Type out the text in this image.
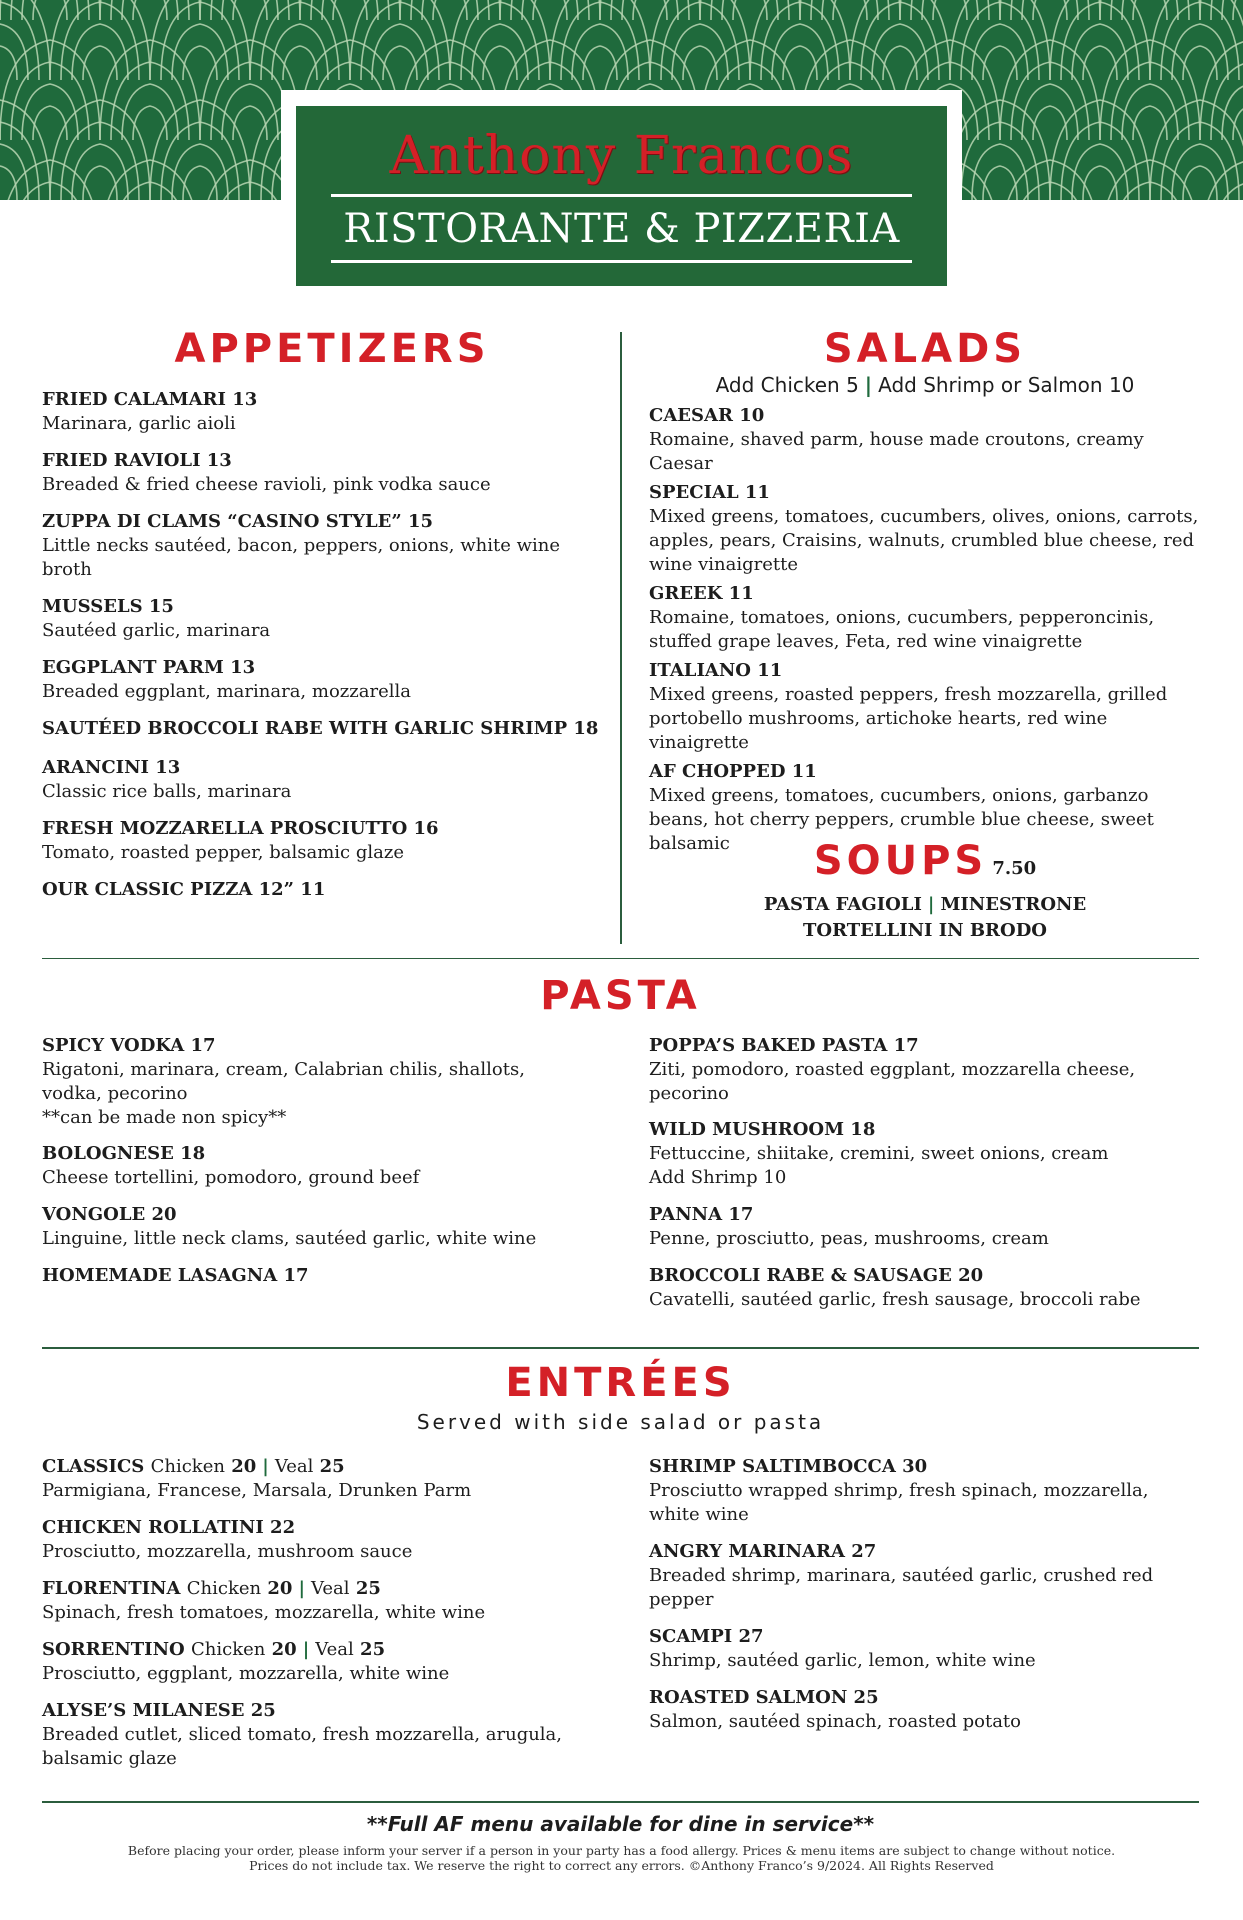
Anthony Francos
RISTORANTE & PIZZERIA
APPETIZERS
FRIED CALAMARI 13
Marinara, garlic aioli
FRIED RAVIOLI 13
Breaded & fried cheese ravioli, pink vodka sauce
ZUPPA DI CLAMS “CASINO STYLE” 15
Little necks sautéed, bacon, peppers, onions, white wine broth
MUSSELS 15
Sautéed garlic, marinara
EGGPLANT PARM 13
Breaded eggplant, marinara, mozzarella
SAUTÉED BROCCOLI RABE WITH GARLIC SHRIMP 18
ARANCINI 13
Classic rice balls, marinara
FRESH MOZZARELLA PROSCIUTTO 16
Tomato, roasted pepper, balsamic glaze
OUR CLASSIC PIZZA 12” 11
SALADS
Add Chicken 5 | Add Shrimp or Salmon 10
CAESAR 10
Romaine, shaved parm, house made croutons, creamy Caesar
SPECIAL 11
Mixed greens, tomatoes, cucumbers, olives, onions, carrots, apples, pears, Craisins, walnuts, crumbled blue cheese, red wine vinaigrette
GREEK 11
Romaine, tomatoes, onions, cucumbers, pepperoncinis, stuffed grape leaves, Feta, red wine vinaigrette
ITALIANO 11
Mixed greens, roasted peppers, fresh mozzarella, grilled portobello mushrooms, artichoke hearts, red wine vinaigrette
AF CHOPPED 11
Mixed greens, tomatoes, cucumbers, onions, garbanzo beans, hot cherry peppers, crumble blue cheese, sweet balsamic	SOUPS 7.50
PASTA FAGIOLI | MINESTRONE
TORTELLINI IN BRODO
PASTA
SPICY VODKA 17
Rigatoni, marinara, cream, Calabrian chilis, shallots, vodka, pecorino
**can be made non spicy**
BOLOGNESE 18
Cheese tortellini, pomodoro, ground beef
VONGOLE 20
Linguine, little neck clams, sautéed garlic, white wine
HOMEMADE LASAGNA 17
POPPA’S BAKED PASTA 17
Ziti, pomodoro, roasted eggplant, mozzarella cheese, pecorino
WILD MUSHROOM 18
Fettuccine, shiitake, cremini, sweet onions, cream
Add Shrimp 10
PANNA 17
Penne, prosciutto, peas, mushrooms, cream
BROCCOLI RABE & SAUSAGE 20
Cavatelli, sautéed garlic, fresh sausage, broccoli rabe
ENTRÉES
Served with side salad or pasta
CLASSICS Chicken 20 | Veal 25
Parmigiana, Francese, Marsala, Drunken Parm
CHICKEN ROLLATINI 22
Prosciutto, mozzarella, mushroom sauce
FLORENTINA Chicken 20 | Veal 25
Spinach, fresh tomatoes, mozzarella, white wine
SORRENTINO Chicken 20 | Veal 25
Prosciutto, eggplant, mozzarella, white wine
ALYSE’S MILANESE 25
Breaded cutlet, sliced tomato, fresh mozzarella, arugula, balsamic glaze
SHRIMP SALTIMBOCCA 30
Prosciutto wrapped shrimp, fresh spinach, mozzarella, white wine
ANGRY MARINARA 27
Breaded shrimp, marinara, sautéed garlic, crushed red pepper
SCAMPI 27
Shrimp, sautéed garlic, lemon, white wine
ROASTED SALMON 25
Salmon, sautéed spinach, roasted potato
**Full AF menu available for dine in service**
Before placing your order, please inform your server if a person in your party has a food allergy. Prices & menu items are subject to change without notice.
Prices do not include tax. We reserve the right to correct any errors. ©Anthony Franco’s 9/2024. All Rights Reserved
